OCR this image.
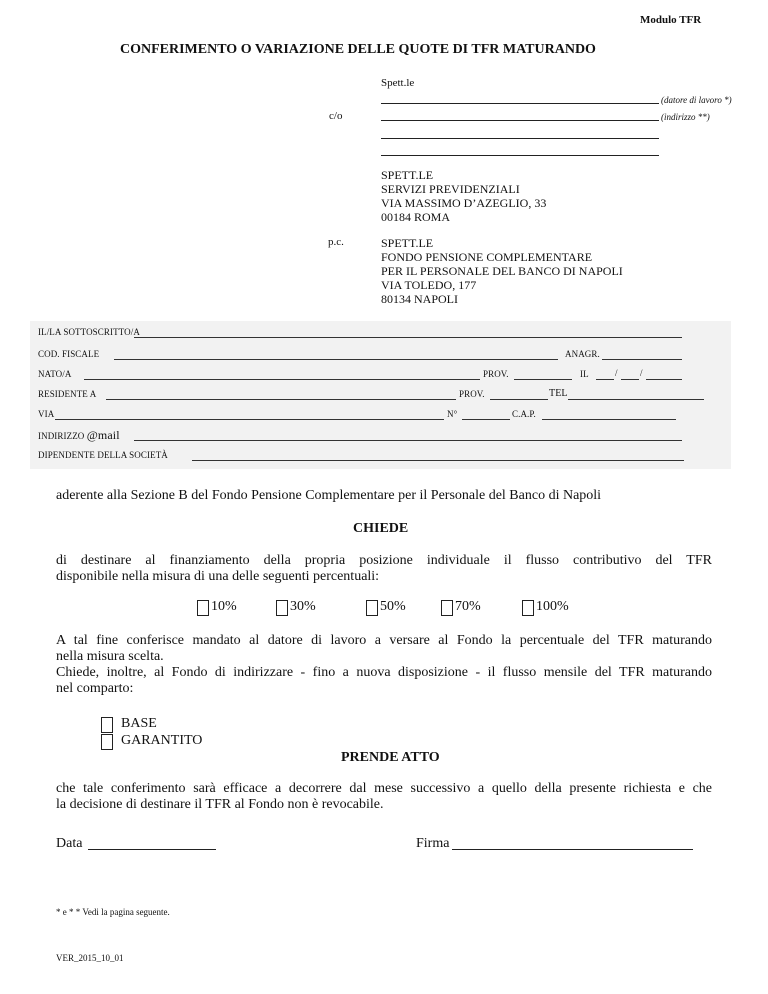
Modulo TFR
CONFERIMENTO O VARIAZIONE DELLE QUOTE DI TFR MATURANDO
Spett.le
(datore di lavoro *)
c/o	(indirizzo **)
SPETT.LE
SERVIZI PREVIDENZIALI
VIA MASSIMO D’AZEGLIO, 33
00184 ROMA
p.c.	SPETT.LE
FONDO PENSIONE COMPLEMENTARE
PER IL PERSONALE DEL BANCO DI NAPOLI
VIA TOLEDO, 177
80134 NAPOLI
IL/LA SOTTOSCRITTO/A
COD. FISCALE	ANAGR.
NATO/A	PROV.	IL	/ /
RESIDENTE A	PROV.	TEL
VIA	N°	C.A.P.
INDIRIZZO @mail
DIPENDENTE DELLA SOCIETÀ
aderente alla Sezione B del Fondo Pensione Complementare per il Personale del Banco di Napoli
CHIEDE
di destinare al finanziamento della propria posizione individuale il flusso contributivo del TFR
disponibile nella misura di una delle seguenti percentuali:
10%	30%	50%	70%	100%
A tal fine conferisce mandato al datore di lavoro a versare al Fondo la percentuale del TFR maturando
nella misura scelta.
Chiede, inoltre, al Fondo di indirizzare - fino a nuova disposizione - il flusso mensile del TFR maturando
nel comparto:
BASE
GARANTITO
PRENDE ATTO
che tale conferimento sarà efficace a decorrere dal mese successivo a quello della presente richiesta e che
la decisione di destinare il TFR al Fondo non è revocabile.
Data	Firma
* e * * Vedi la pagina seguente.
VER_2015_10_01
